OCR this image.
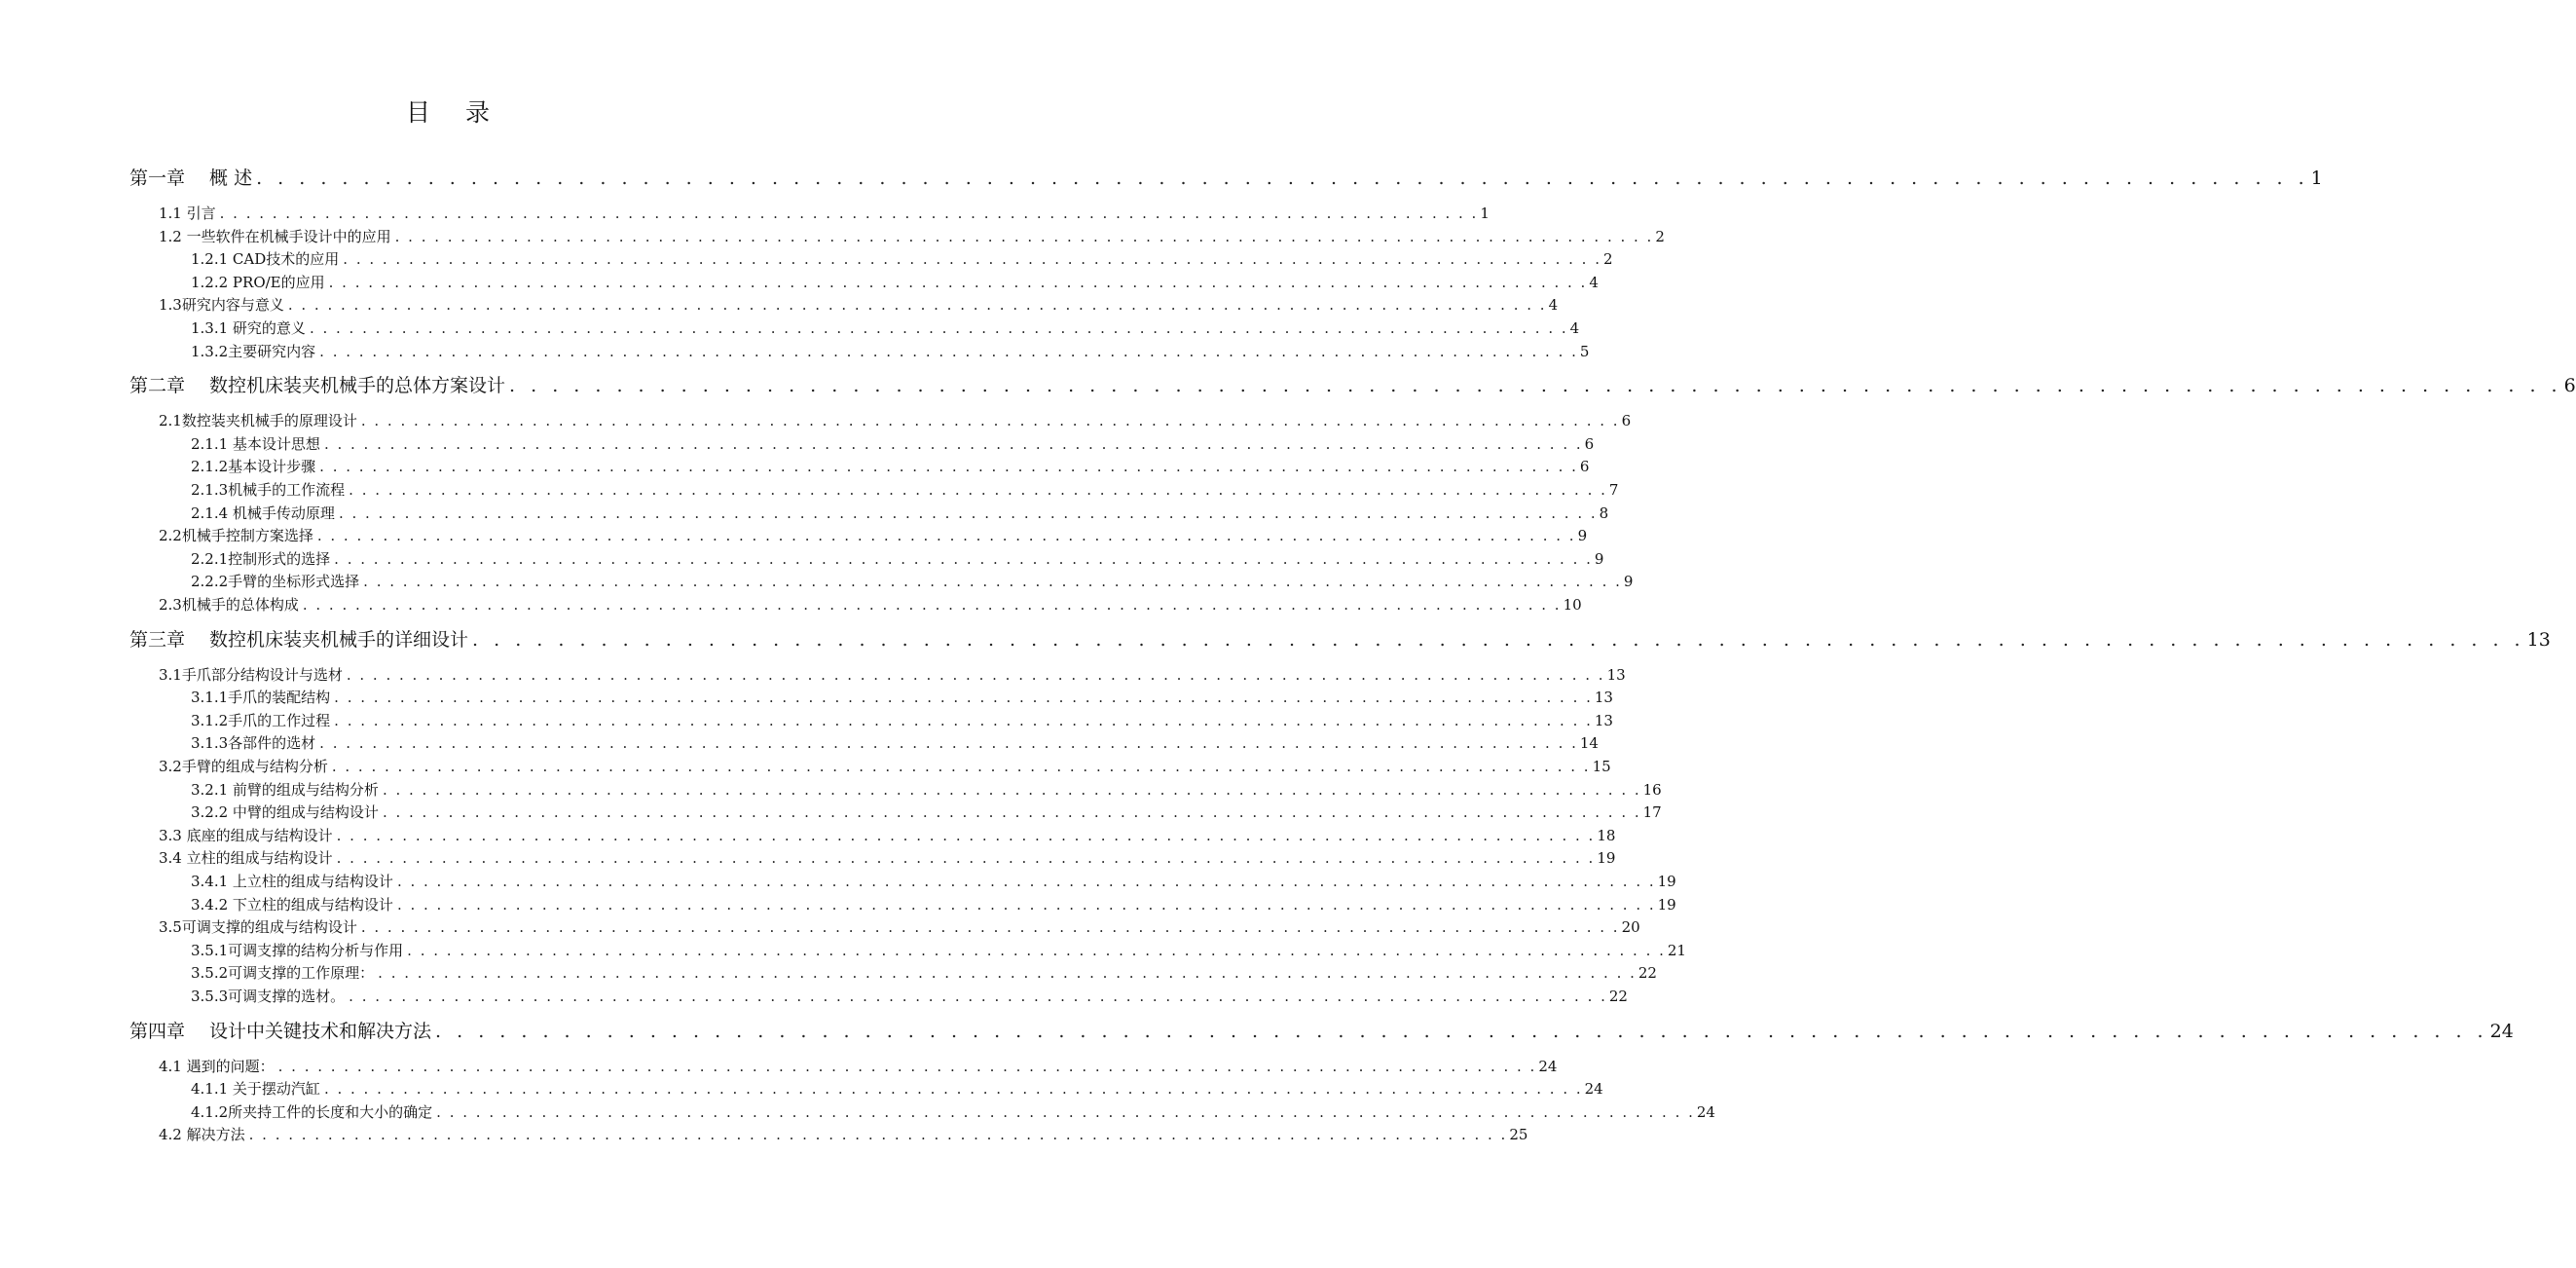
目 录
第一章　 概 述 . . . . . . . . . . . . . . . . . . . . . . . . . . . . . . . . . . . . . . . . . . . . . . . . . . . . . . . . . . . . . . . . . . . . . . . . . . . . . . . . . . . . . . . . . . . . . . . . 1
1.1 引言 . . . . . . . . . . . . . . . . . . . . . . . . . . . . . . . . . . . . . . . . . . . . . . . . . . . . . . . . . . . . . . . . . . . . . . . . . . . . . . . . . . . . . . . . . . . . . . . . 1
1.2 一些软件在机械手设计中的应用 . . . . . . . . . . . . . . . . . . . . . . . . . . . . . . . . . . . . . . . . . . . . . . . . . . . . . . . . . . . . . . . . . . . . . . . . . . . . . . . . . . . . . . . . . . . . . . . . 2
1.2.1 CAD技术的应用 . . . . . . . . . . . . . . . . . . . . . . . . . . . . . . . . . . . . . . . . . . . . . . . . . . . . . . . . . . . . . . . . . . . . . . . . . . . . . . . . . . . . . . . . . . . . . . . . 2
1.2.2 PRO/E的应用 . . . . . . . . . . . . . . . . . . . . . . . . . . . . . . . . . . . . . . . . . . . . . . . . . . . . . . . . . . . . . . . . . . . . . . . . . . . . . . . . . . . . . . . . . . . . . . . . 4
1.3研究内容与意义 . . . . . . . . . . . . . . . . . . . . . . . . . . . . . . . . . . . . . . . . . . . . . . . . . . . . . . . . . . . . . . . . . . . . . . . . . . . . . . . . . . . . . . . . . . . . . . . . 4
1.3.1 研究的意义 . . . . . . . . . . . . . . . . . . . . . . . . . . . . . . . . . . . . . . . . . . . . . . . . . . . . . . . . . . . . . . . . . . . . . . . . . . . . . . . . . . . . . . . . . . . . . . . . 4
1.3.2主要研究内容 . . . . . . . . . . . . . . . . . . . . . . . . . . . . . . . . . . . . . . . . . . . . . . . . . . . . . . . . . . . . . . . . . . . . . . . . . . . . . . . . . . . . . . . . . . . . . . . . 5
第二章　 数控机床装夹机械手的总体方案设计 . . . . . . . . . . . . . . . . . . . . . . . . . . . . . . . . . . . . . . . . . . . . . . . . . . . . . . . . . . . . . . . . . . . . . . . . . . . . . . . . . . . . . . . . . . . . . . . . 6
2.1数控装夹机械手的原理设计 . . . . . . . . . . . . . . . . . . . . . . . . . . . . . . . . . . . . . . . . . . . . . . . . . . . . . . . . . . . . . . . . . . . . . . . . . . . . . . . . . . . . . . . . . . . . . . . . 6
2.1.1 基本设计思想 . . . . . . . . . . . . . . . . . . . . . . . . . . . . . . . . . . . . . . . . . . . . . . . . . . . . . . . . . . . . . . . . . . . . . . . . . . . . . . . . . . . . . . . . . . . . . . . . 6
2.1.2基本设计步骤 . . . . . . . . . . . . . . . . . . . . . . . . . . . . . . . . . . . . . . . . . . . . . . . . . . . . . . . . . . . . . . . . . . . . . . . . . . . . . . . . . . . . . . . . . . . . . . . . 6
2.1.3机械手的工作流程 . . . . . . . . . . . . . . . . . . . . . . . . . . . . . . . . . . . . . . . . . . . . . . . . . . . . . . . . . . . . . . . . . . . . . . . . . . . . . . . . . . . . . . . . . . . . . . . . 7
2.1.4 机械手传动原理 . . . . . . . . . . . . . . . . . . . . . . . . . . . . . . . . . . . . . . . . . . . . . . . . . . . . . . . . . . . . . . . . . . . . . . . . . . . . . . . . . . . . . . . . . . . . . . . . 8
2.2机械手控制方案选择 . . . . . . . . . . . . . . . . . . . . . . . . . . . . . . . . . . . . . . . . . . . . . . . . . . . . . . . . . . . . . . . . . . . . . . . . . . . . . . . . . . . . . . . . . . . . . . . . 9
2.2.1控制形式的选择 . . . . . . . . . . . . . . . . . . . . . . . . . . . . . . . . . . . . . . . . . . . . . . . . . . . . . . . . . . . . . . . . . . . . . . . . . . . . . . . . . . . . . . . . . . . . . . . . 9
2.2.2手臂的坐标形式选择 . . . . . . . . . . . . . . . . . . . . . . . . . . . . . . . . . . . . . . . . . . . . . . . . . . . . . . . . . . . . . . . . . . . . . . . . . . . . . . . . . . . . . . . . . . . . . . . . 9
2.3机械手的总体构成 . . . . . . . . . . . . . . . . . . . . . . . . . . . . . . . . . . . . . . . . . . . . . . . . . . . . . . . . . . . . . . . . . . . . . . . . . . . . . . . . . . . . . . . . . . . . . . . . 10
第三章　 数控机床装夹机械手的详细设计 . . . . . . . . . . . . . . . . . . . . . . . . . . . . . . . . . . . . . . . . . . . . . . . . . . . . . . . . . . . . . . . . . . . . . . . . . . . . . . . . . . . . . . . . . . . . . . . . 13
3.1手爪部分结构设计与选材 . . . . . . . . . . . . . . . . . . . . . . . . . . . . . . . . . . . . . . . . . . . . . . . . . . . . . . . . . . . . . . . . . . . . . . . . . . . . . . . . . . . . . . . . . . . . . . . . 13
3.1.1手爪的装配结构 . . . . . . . . . . . . . . . . . . . . . . . . . . . . . . . . . . . . . . . . . . . . . . . . . . . . . . . . . . . . . . . . . . . . . . . . . . . . . . . . . . . . . . . . . . . . . . . . 13
3.1.2手爪的工作过程 . . . . . . . . . . . . . . . . . . . . . . . . . . . . . . . . . . . . . . . . . . . . . . . . . . . . . . . . . . . . . . . . . . . . . . . . . . . . . . . . . . . . . . . . . . . . . . . . 13
3.1.3各部件的选材 . . . . . . . . . . . . . . . . . . . . . . . . . . . . . . . . . . . . . . . . . . . . . . . . . . . . . . . . . . . . . . . . . . . . . . . . . . . . . . . . . . . . . . . . . . . . . . . . 14
3.2手臂的组成与结构分析 . . . . . . . . . . . . . . . . . . . . . . . . . . . . . . . . . . . . . . . . . . . . . . . . . . . . . . . . . . . . . . . . . . . . . . . . . . . . . . . . . . . . . . . . . . . . . . . . 15
3.2.1 前臂的组成与结构分析 . . . . . . . . . . . . . . . . . . . . . . . . . . . . . . . . . . . . . . . . . . . . . . . . . . . . . . . . . . . . . . . . . . . . . . . . . . . . . . . . . . . . . . . . . . . . . . . . 16
3.2.2 中臂的组成与结构设计 . . . . . . . . . . . . . . . . . . . . . . . . . . . . . . . . . . . . . . . . . . . . . . . . . . . . . . . . . . . . . . . . . . . . . . . . . . . . . . . . . . . . . . . . . . . . . . . . 17
3.3 底座的组成与结构设计 . . . . . . . . . . . . . . . . . . . . . . . . . . . . . . . . . . . . . . . . . . . . . . . . . . . . . . . . . . . . . . . . . . . . . . . . . . . . . . . . . . . . . . . . . . . . . . . . 18
3.4 立柱的组成与结构设计 . . . . . . . . . . . . . . . . . . . . . . . . . . . . . . . . . . . . . . . . . . . . . . . . . . . . . . . . . . . . . . . . . . . . . . . . . . . . . . . . . . . . . . . . . . . . . . . . 19
3.4.1 上立柱的组成与结构设计 . . . . . . . . . . . . . . . . . . . . . . . . . . . . . . . . . . . . . . . . . . . . . . . . . . . . . . . . . . . . . . . . . . . . . . . . . . . . . . . . . . . . . . . . . . . . . . . . 19
3.4.2 下立柱的组成与结构设计 . . . . . . . . . . . . . . . . . . . . . . . . . . . . . . . . . . . . . . . . . . . . . . . . . . . . . . . . . . . . . . . . . . . . . . . . . . . . . . . . . . . . . . . . . . . . . . . . 19
3.5可调支撑的组成与结构设计 . . . . . . . . . . . . . . . . . . . . . . . . . . . . . . . . . . . . . . . . . . . . . . . . . . . . . . . . . . . . . . . . . . . . . . . . . . . . . . . . . . . . . . . . . . . . . . . . 20
3.5.1可调支撑的结构分析与作用 . . . . . . . . . . . . . . . . . . . . . . . . . . . . . . . . . . . . . . . . . . . . . . . . . . . . . . . . . . . . . . . . . . . . . . . . . . . . . . . . . . . . . . . . . . . . . . . . 21
3.5.2可调支撑的工作原理： . . . . . . . . . . . . . . . . . . . . . . . . . . . . . . . . . . . . . . . . . . . . . . . . . . . . . . . . . . . . . . . . . . . . . . . . . . . . . . . . . . . . . . . . . . . . . . . . 22
3.5.3可调支撑的选材。 . . . . . . . . . . . . . . . . . . . . . . . . . . . . . . . . . . . . . . . . . . . . . . . . . . . . . . . . . . . . . . . . . . . . . . . . . . . . . . . . . . . . . . . . . . . . . . . . 22
第四章　 设计中关键技术和解决方法 . . . . . . . . . . . . . . . . . . . . . . . . . . . . . . . . . . . . . . . . . . . . . . . . . . . . . . . . . . . . . . . . . . . . . . . . . . . . . . . . . . . . . . . . . . . . . . . . 24
4.1 遇到的问题： . . . . . . . . . . . . . . . . . . . . . . . . . . . . . . . . . . . . . . . . . . . . . . . . . . . . . . . . . . . . . . . . . . . . . . . . . . . . . . . . . . . . . . . . . . . . . . . . 24
4.1.1 关于摆动汽缸 . . . . . . . . . . . . . . . . . . . . . . . . . . . . . . . . . . . . . . . . . . . . . . . . . . . . . . . . . . . . . . . . . . . . . . . . . . . . . . . . . . . . . . . . . . . . . . . . 24
4.1.2所夹持工件的长度和大小的确定 . . . . . . . . . . . . . . . . . . . . . . . . . . . . . . . . . . . . . . . . . . . . . . . . . . . . . . . . . . . . . . . . . . . . . . . . . . . . . . . . . . . . . . . . . . . . . . . . 24
4.2 解决方法 . . . . . . . . . . . . . . . . . . . . . . . . . . . . . . . . . . . . . . . . . . . . . . . . . . . . . . . . . . . . . . . . . . . . . . . . . . . . . . . . . . . . . . . . . . . . . . . . 25
